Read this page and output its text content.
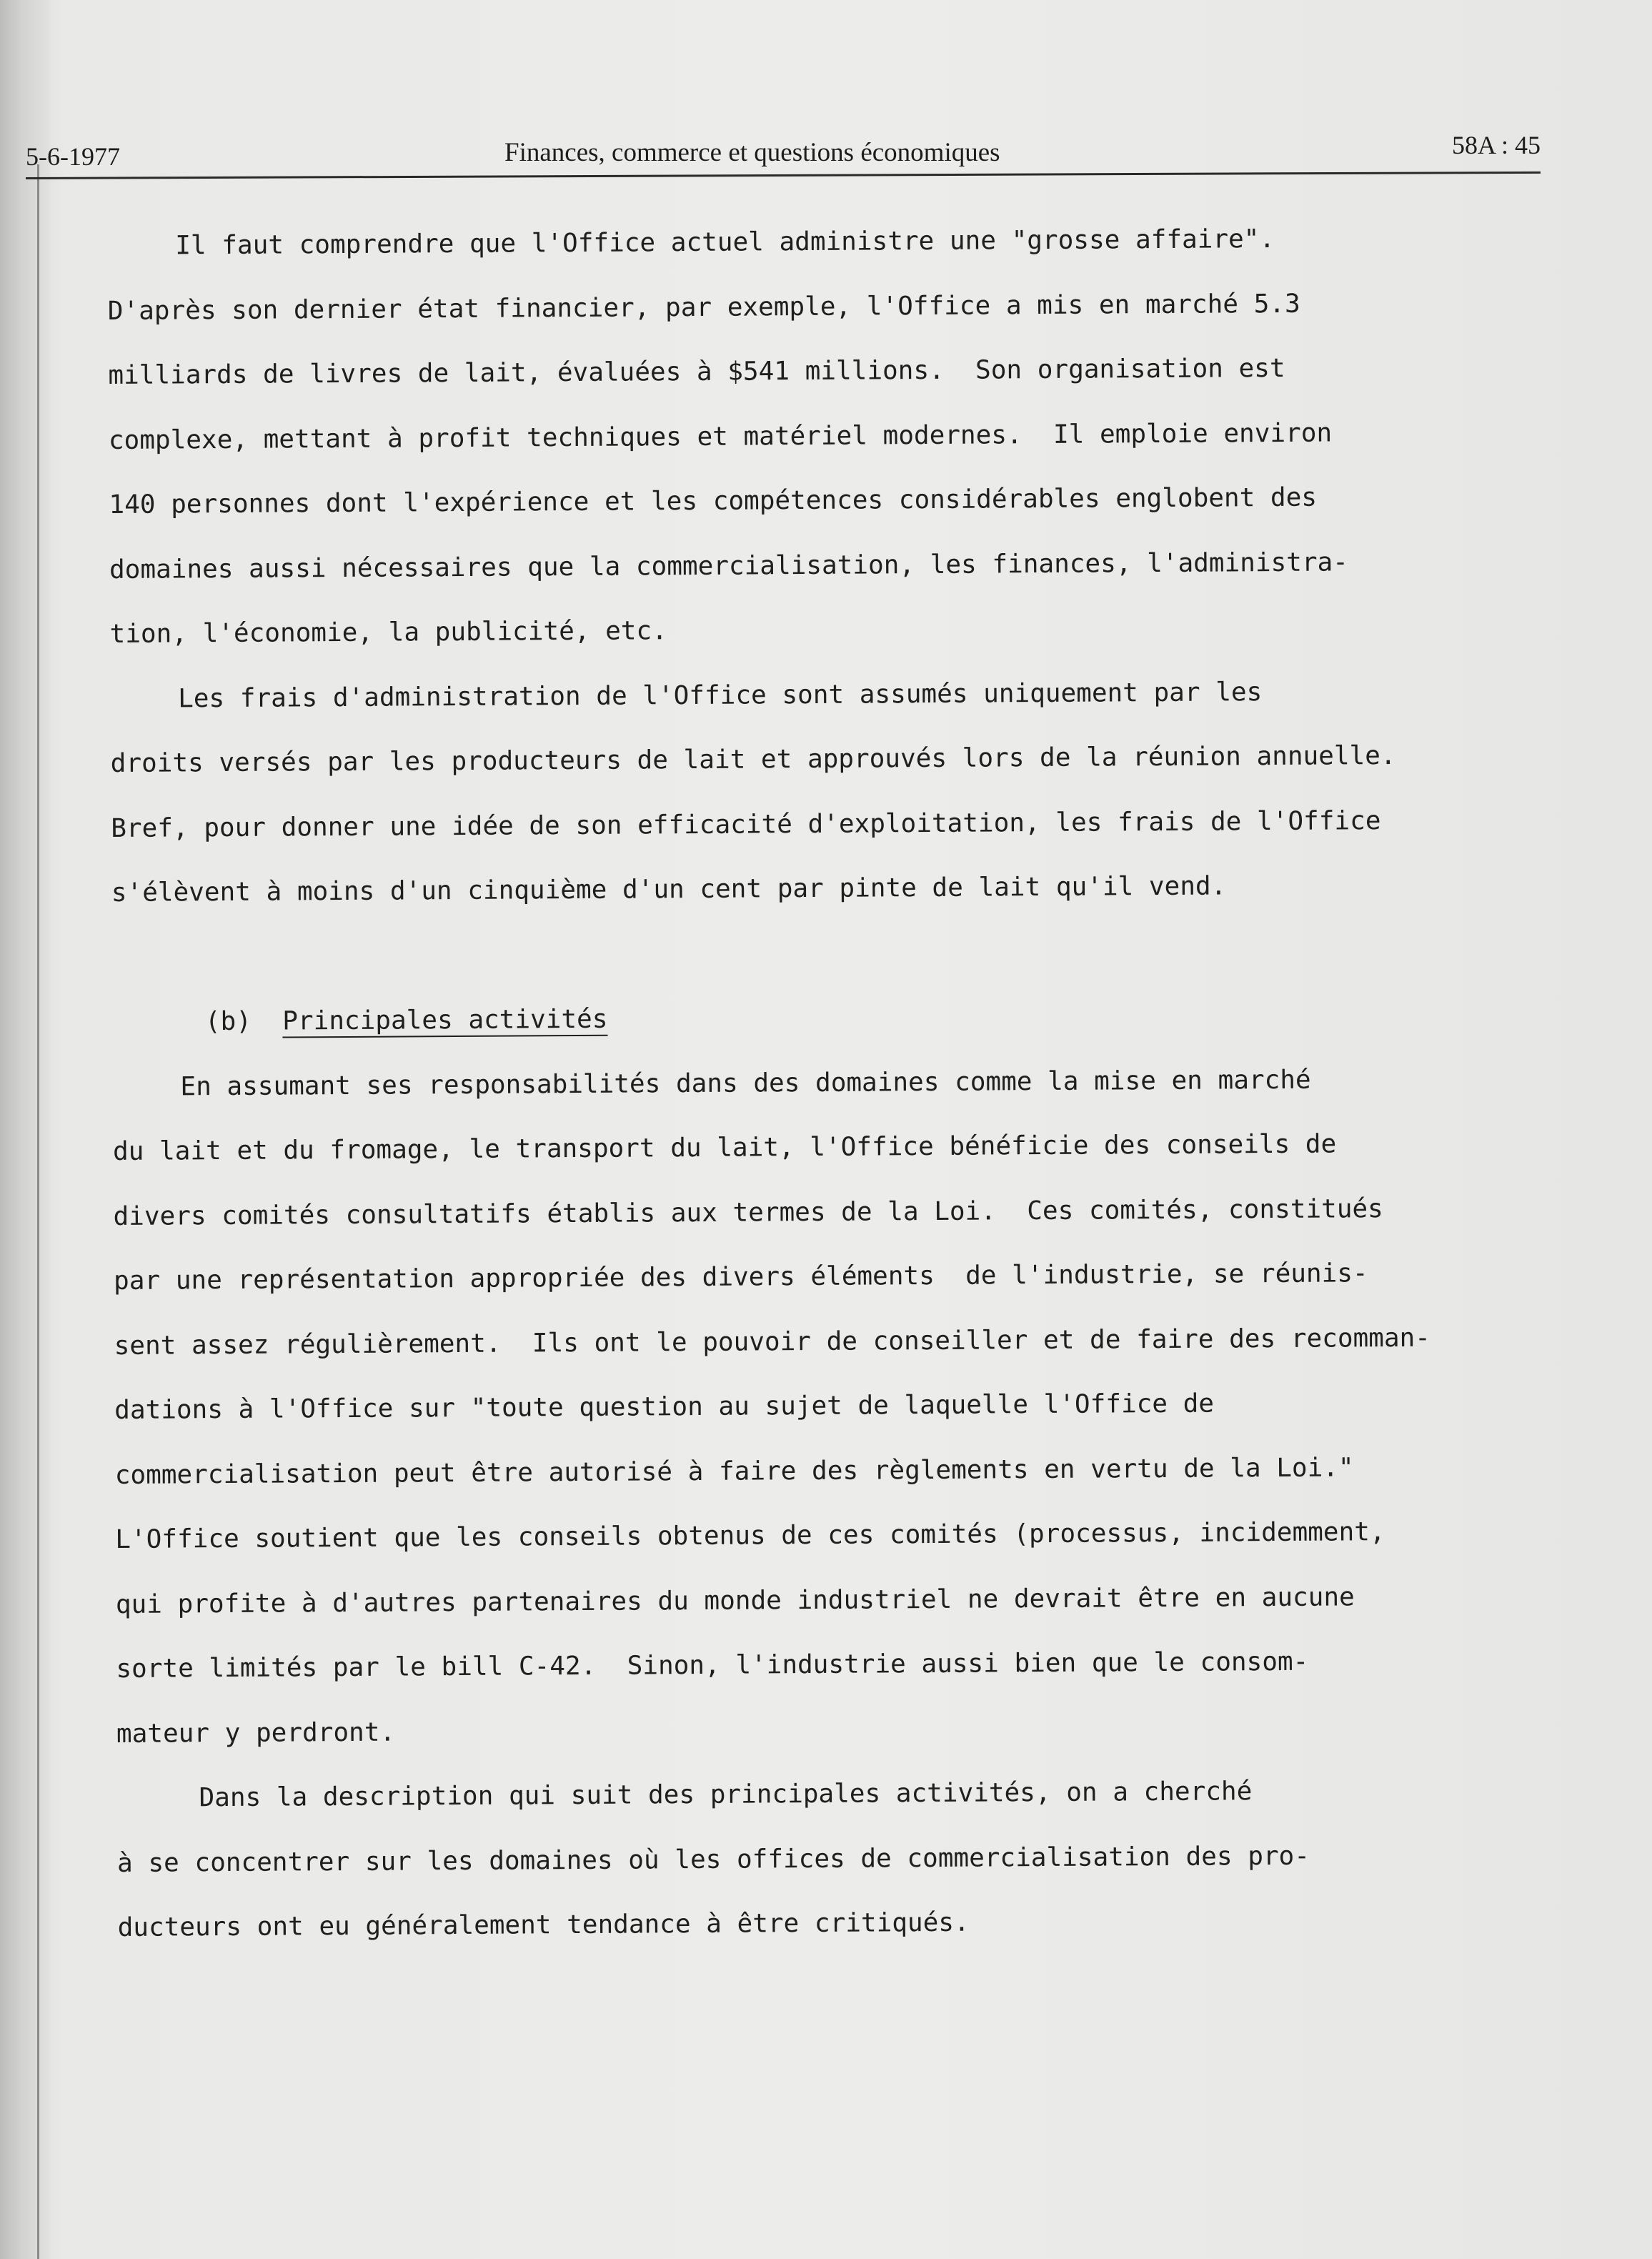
5-6-1977	Finances, commerce et questions économiques	58A : 45
Il faut comprendre que l'Office actuel administre une "grosse affaire".
D'après son dernier état financier, par exemple, l'Office a mis en marché 5.3
milliards de livres de lait, évaluées à $541 millions.  Son organisation est
complexe, mettant à profit techniques et matériel modernes.  Il emploie environ
140 personnes dont l'expérience et les compétences considérables englobent des
domaines aussi nécessaires que la commercialisation, les finances, l'administra-
tion, l'économie, la publicité, etc.
Les frais d'administration de l'Office sont assumés uniquement par les
droits versés par les producteurs de lait et approuvés lors de la réunion annuelle.
Bref, pour donner une idée de son efficacité d'exploitation, les frais de l'Office
s'élèvent à moins d'un cinquième d'un cent par pinte de lait qu'il vend.
(b) Principales activités
En assumant ses responsabilités dans des domaines comme la mise en marché
du lait et du fromage, le transport du lait, l'Office bénéficie des conseils de
divers comités consultatifs établis aux termes de la Loi.  Ces comités, constitués
par une représentation appropriée des divers éléments  de l'industrie, se réunis-
sent assez régulièrement.  Ils ont le pouvoir de conseiller et de faire des recomman-
dations à l'Office sur "toute question au sujet de laquelle l'Office de
commercialisation peut être autorisé à faire des règlements en vertu de la Loi."
L'Office soutient que les conseils obtenus de ces comités (processus, incidemment,
qui profite à d'autres partenaires du monde industriel ne devrait être en aucune
sorte limités par le bill C-42.  Sinon, l'industrie aussi bien que le consom-
mateur y perdront.
Dans la description qui suit des principales activités, on a cherché
à se concentrer sur les domaines où les offices de commercialisation des pro-
ducteurs ont eu généralement tendance à être critiqués.
